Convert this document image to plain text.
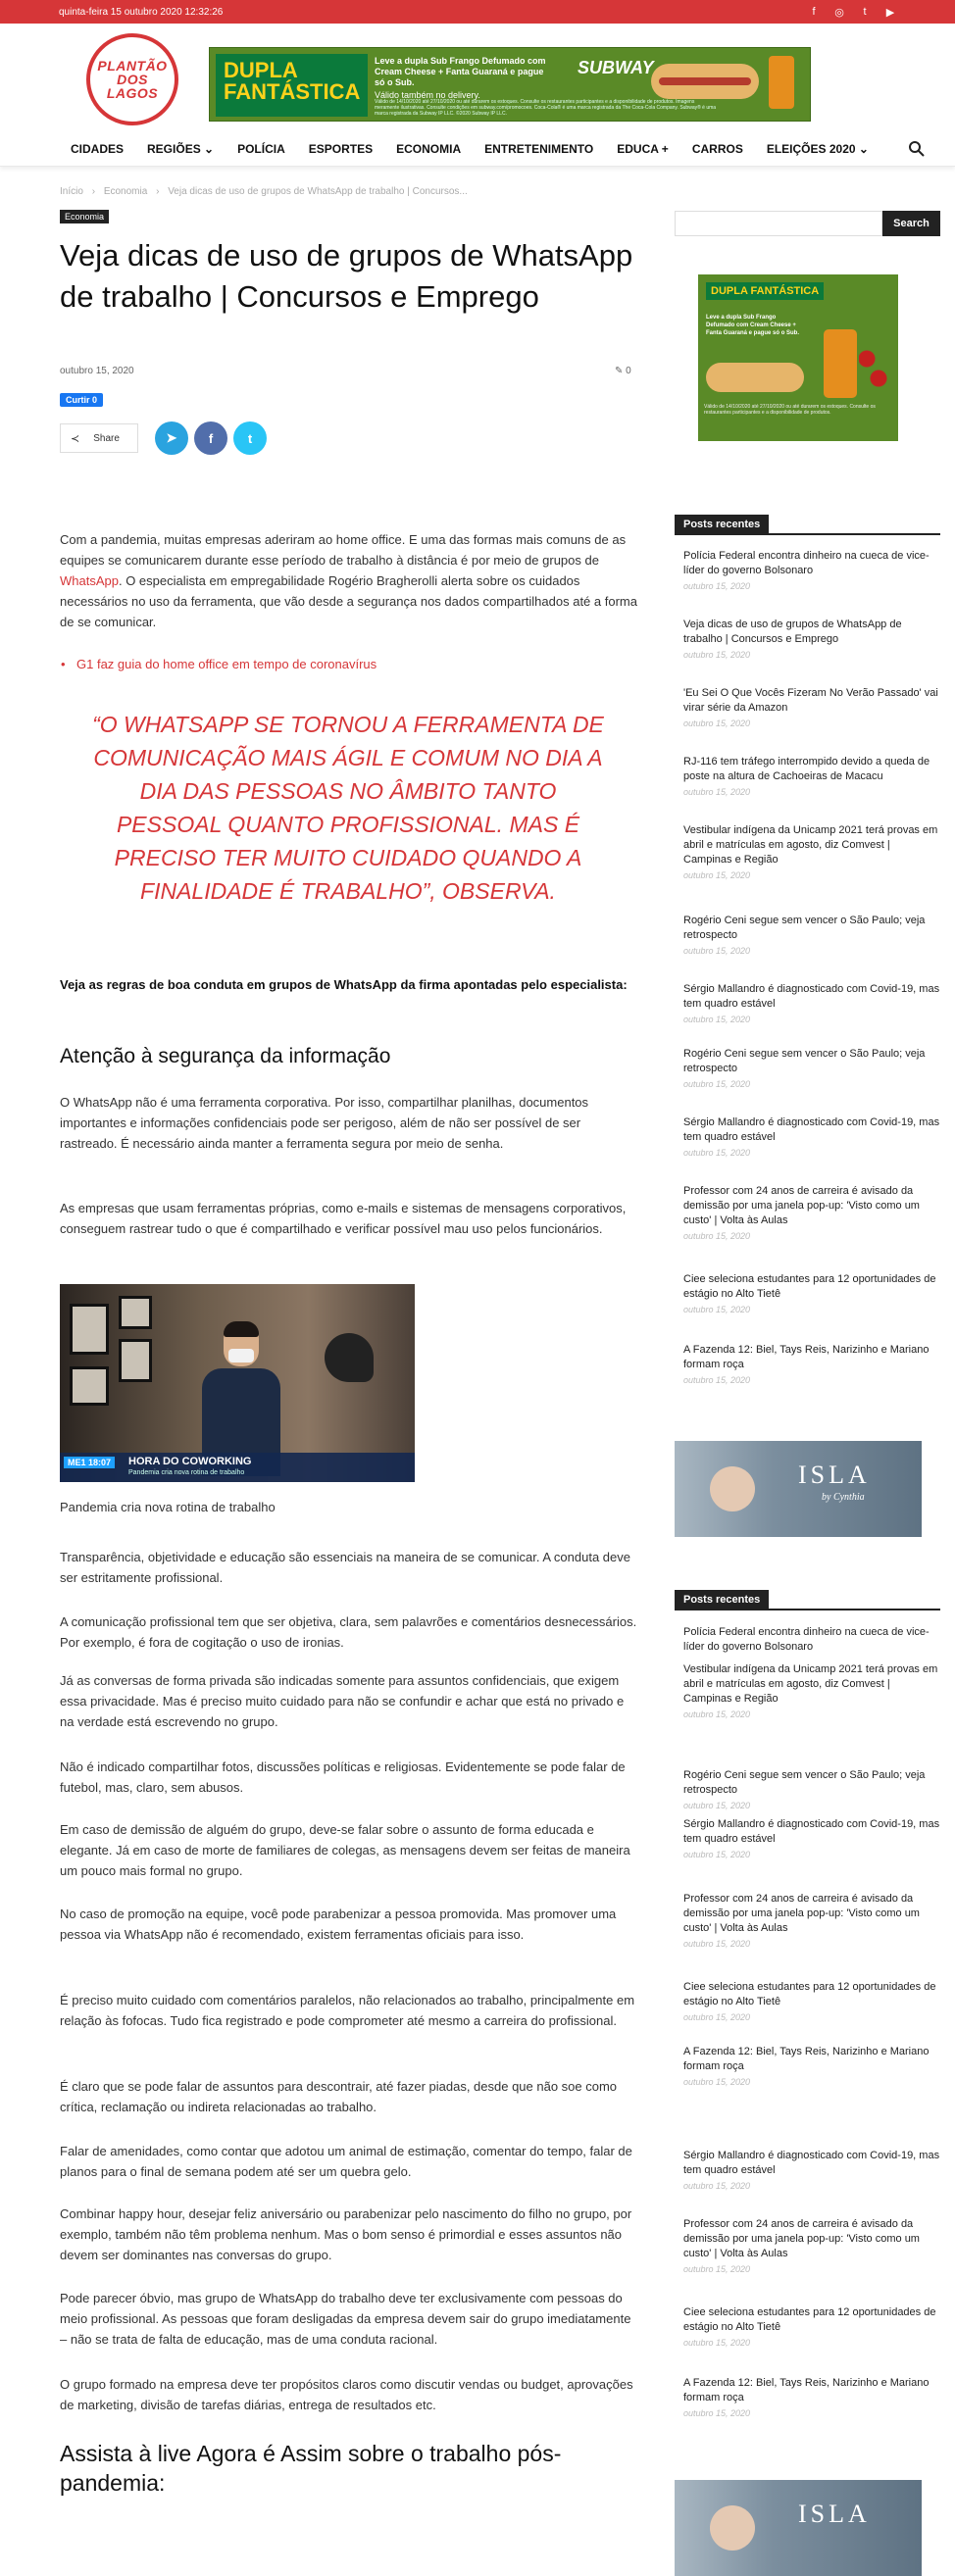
quinta-feira 15 outubro 2020 12:32:26	f	◎	t	▶
PLANTÃO
DOS
LAGOS
DUPLA FANTÁSTICA
Leve a dupla Sub Frango Defumado com Cream Cheese + Fanta Guaraná e pague só o Sub.
Válido também no delivery.
SUBWAY
Válido de 14/10/2020 até 27/10/2020 ou até durarem os estoques. Consulte os restaurantes participantes e a disponibilidade de produtos. Imagens meramente ilustrativas. Consulte condições em subway.com/promocoes. Coca-Cola® é uma marca registrada da The Coca-Cola Company. Subway® é uma marca registrada da Subway IP LLC. ©2020 Subway IP LLC.
CIDADES REGIÕES ⌄ POLÍCIA ESPORTES ECONOMIA ENTRETENIMENTO EDUCA + CARROS ELEIÇÕES 2020 ⌄
Início › Economia › Veja dicas de uso de grupos de WhatsApp de trabalho | Concursos...
Economia
Veja dicas de uso de grupos de WhatsApp de trabalho | Concursos e Emprego
outubro 15, 2020	✎ 0
Curtir 0
≺ Share	➤ f	t

Com a pandemia, muitas empresas aderiram ao home office. E uma das formas mais comuns de as equipes se comunicarem durante esse período de trabalho à distância é por meio de grupos de WhatsApp. O especialista em empregabilidade Rogério Bragherolli alerta sobre os cuidados necessários no uso da ferramenta, que vão desde a segurança nos dados compartilhados até a forma de se comunicar.

• G1 faz guia do home office em tempo de coronavírus
“O WHATSAPP SE TORNOU A FERRAMENTA DE COMUNICAÇÃO MAIS ÁGIL E COMUM NO DIA A DIA DAS PESSOAS NO ÂMBITO TANTO PESSOAL QUANTO PROFISSIONAL. MAS É PRECISO TER MUITO CUIDADO QUANDO A FINALIDADE É TRABALHO”, OBSERVA.

Veja as regras de boa conduta em grupos de WhatsApp da firma apontadas pelo especialista:

Atenção à segurança da informação

O WhatsApp não é uma ferramenta corporativa. Por isso, compartilhar planilhas, documentos importantes e informações confidenciais pode ser perigoso, além de não ser possível de ser rastreado. É necessário ainda manter a ferramenta segura por meio de senha.

As empresas que usam ferramentas próprias, como e-mails e sistemas de mensagens corporativos, conseguem rastrear tudo o que é compartilhado e verificar possível mau uso pelos funcionários.

ME1 18:07	HORA DO COWORKING
Pandemia cria nova rotina de trabalho
Pandemia cria nova rotina de trabalho

Transparência, objetividade e educação são essenciais na maneira de se comunicar. A conduta deve ser estritamente profissional.

A comunicação profissional tem que ser objetiva, clara, sem palavrões e comentários desnecessários. Por exemplo, é fora de cogitação o uso de ironias.

Já as conversas de forma privada são indicadas somente para assuntos confidenciais, que exigem essa privacidade. Mas é preciso muito cuidado para não se confundir e achar que está no privado e na verdade está escrevendo no grupo.

Não é indicado compartilhar fotos, discussões políticas e religiosas. Evidentemente se pode falar de futebol, mas, claro, sem abusos.

Em caso de demissão de alguém do grupo, deve-se falar sobre o assunto de forma educada e elegante. Já em caso de morte de familiares de colegas, as mensagens devem ser feitas de maneira um pouco mais formal no grupo.

No caso de promoção na equipe, você pode parabenizar a pessoa promovida. Mas promover uma pessoa via WhatsApp não é recomendado, existem ferramentas oficiais para isso.

É preciso muito cuidado com comentários paralelos, não relacionados ao trabalho, principalmente em relação às fofocas. Tudo fica registrado e pode comprometer até mesmo a carreira do profissional.

É claro que se pode falar de assuntos para descontrair, até fazer piadas, desde que não soe como crítica, reclamação ou indireta relacionadas ao trabalho.

Falar de amenidades, como contar que adotou um animal de estimação, comentar do tempo, falar de planos para o final de semana podem até ser um quebra gelo.

Combinar happy hour, desejar feliz aniversário ou parabenizar pelo nascimento do filho no grupo, por exemplo, também não têm problema nenhum. Mas o bom senso é primordial e esses assuntos não devem ser dominantes nas conversas do grupo.

Pode parecer óbvio, mas grupo de WhatsApp do trabalho deve ter exclusivamente com pessoas do meio profissional. As pessoas que foram desligadas da empresa devem sair do grupo imediatamente – não se trata de falta de educação, mas de uma conduta racional.

O grupo formado na empresa deve ter propósitos claros como discutir vendas ou budget, aprovações de marketing, divisão de tarefas diárias, entrega de resultados etc.

Assista à live Agora é Assim sobre o trabalho pós-pandemia:
Search
DUPLA FANTÁSTICA
Leve a dupla Sub Frango Defumado com Cream Cheese + Fanta Guaraná e pague só o Sub.
Válido de 14/10/2020 até 27/10/2020 ou até durarem os estoques. Consulte os restaurantes participantes e a disponibilidade de produtos.
Posts recentes
Polícia Federal encontra dinheiro na cueca de vice-líder do governo Bolsonaro
outubro 15, 2020
Veja dicas de uso de grupos de WhatsApp de trabalho | Concursos e Emprego
outubro 15, 2020
'Eu Sei O Que Vocês Fizeram No Verão Passado' vai virar série da Amazon
outubro 15, 2020
RJ-116 tem tráfego interrompido devido a queda de poste na altura de Cachoeiras de Macacu
outubro 15, 2020
Vestibular indígena da Unicamp 2021 terá provas em abril e matrículas em agosto, diz Comvest | Campinas e Região
outubro 15, 2020
Rogério Ceni segue sem vencer o São Paulo; veja retrospecto
outubro 15, 2020
Sérgio Mallandro é diagnosticado com Covid-19, mas tem quadro estável
outubro 15, 2020
Rogério Ceni segue sem vencer o São Paulo; veja retrospecto
outubro 15, 2020
Sérgio Mallandro é diagnosticado com Covid-19, mas tem quadro estável
outubro 15, 2020
Professor com 24 anos de carreira é avisado da demissão por uma janela pop-up: 'Visto como um custo' | Volta às Aulas
outubro 15, 2020
Ciee seleciona estudantes para 12 oportunidades de estágio no Alto Tietê
outubro 15, 2020
A Fazenda 12: Biel, Tays Reis, Narizinho e Mariano formam roça
outubro 15, 2020
ISLA
by Cynthia
Posts recentes
Polícia Federal encontra dinheiro na cueca de vice-líder do governo Bolsonaro
Vestibular indígena da Unicamp 2021 terá provas em abril e matrículas em agosto, diz Comvest | Campinas e Região
outubro 15, 2020
Rogério Ceni segue sem vencer o São Paulo; veja retrospecto
outubro 15, 2020
Sérgio Mallandro é diagnosticado com Covid-19, mas tem quadro estável
outubro 15, 2020
Professor com 24 anos de carreira é avisado da demissão por uma janela pop-up: 'Visto como um custo' | Volta às Aulas
outubro 15, 2020
Ciee seleciona estudantes para 12 oportunidades de estágio no Alto Tietê
outubro 15, 2020
A Fazenda 12: Biel, Tays Reis, Narizinho e Mariano formam roça
outubro 15, 2020
Sérgio Mallandro é diagnosticado com Covid-19, mas tem quadro estável
outubro 15, 2020
Professor com 24 anos de carreira é avisado da demissão por uma janela pop-up: 'Visto como um custo' | Volta às Aulas
outubro 15, 2020
Ciee seleciona estudantes para 12 oportunidades de estágio no Alto Tietê
outubro 15, 2020
A Fazenda 12: Biel, Tays Reis, Narizinho e Mariano formam roça
outubro 15, 2020
ISLA
